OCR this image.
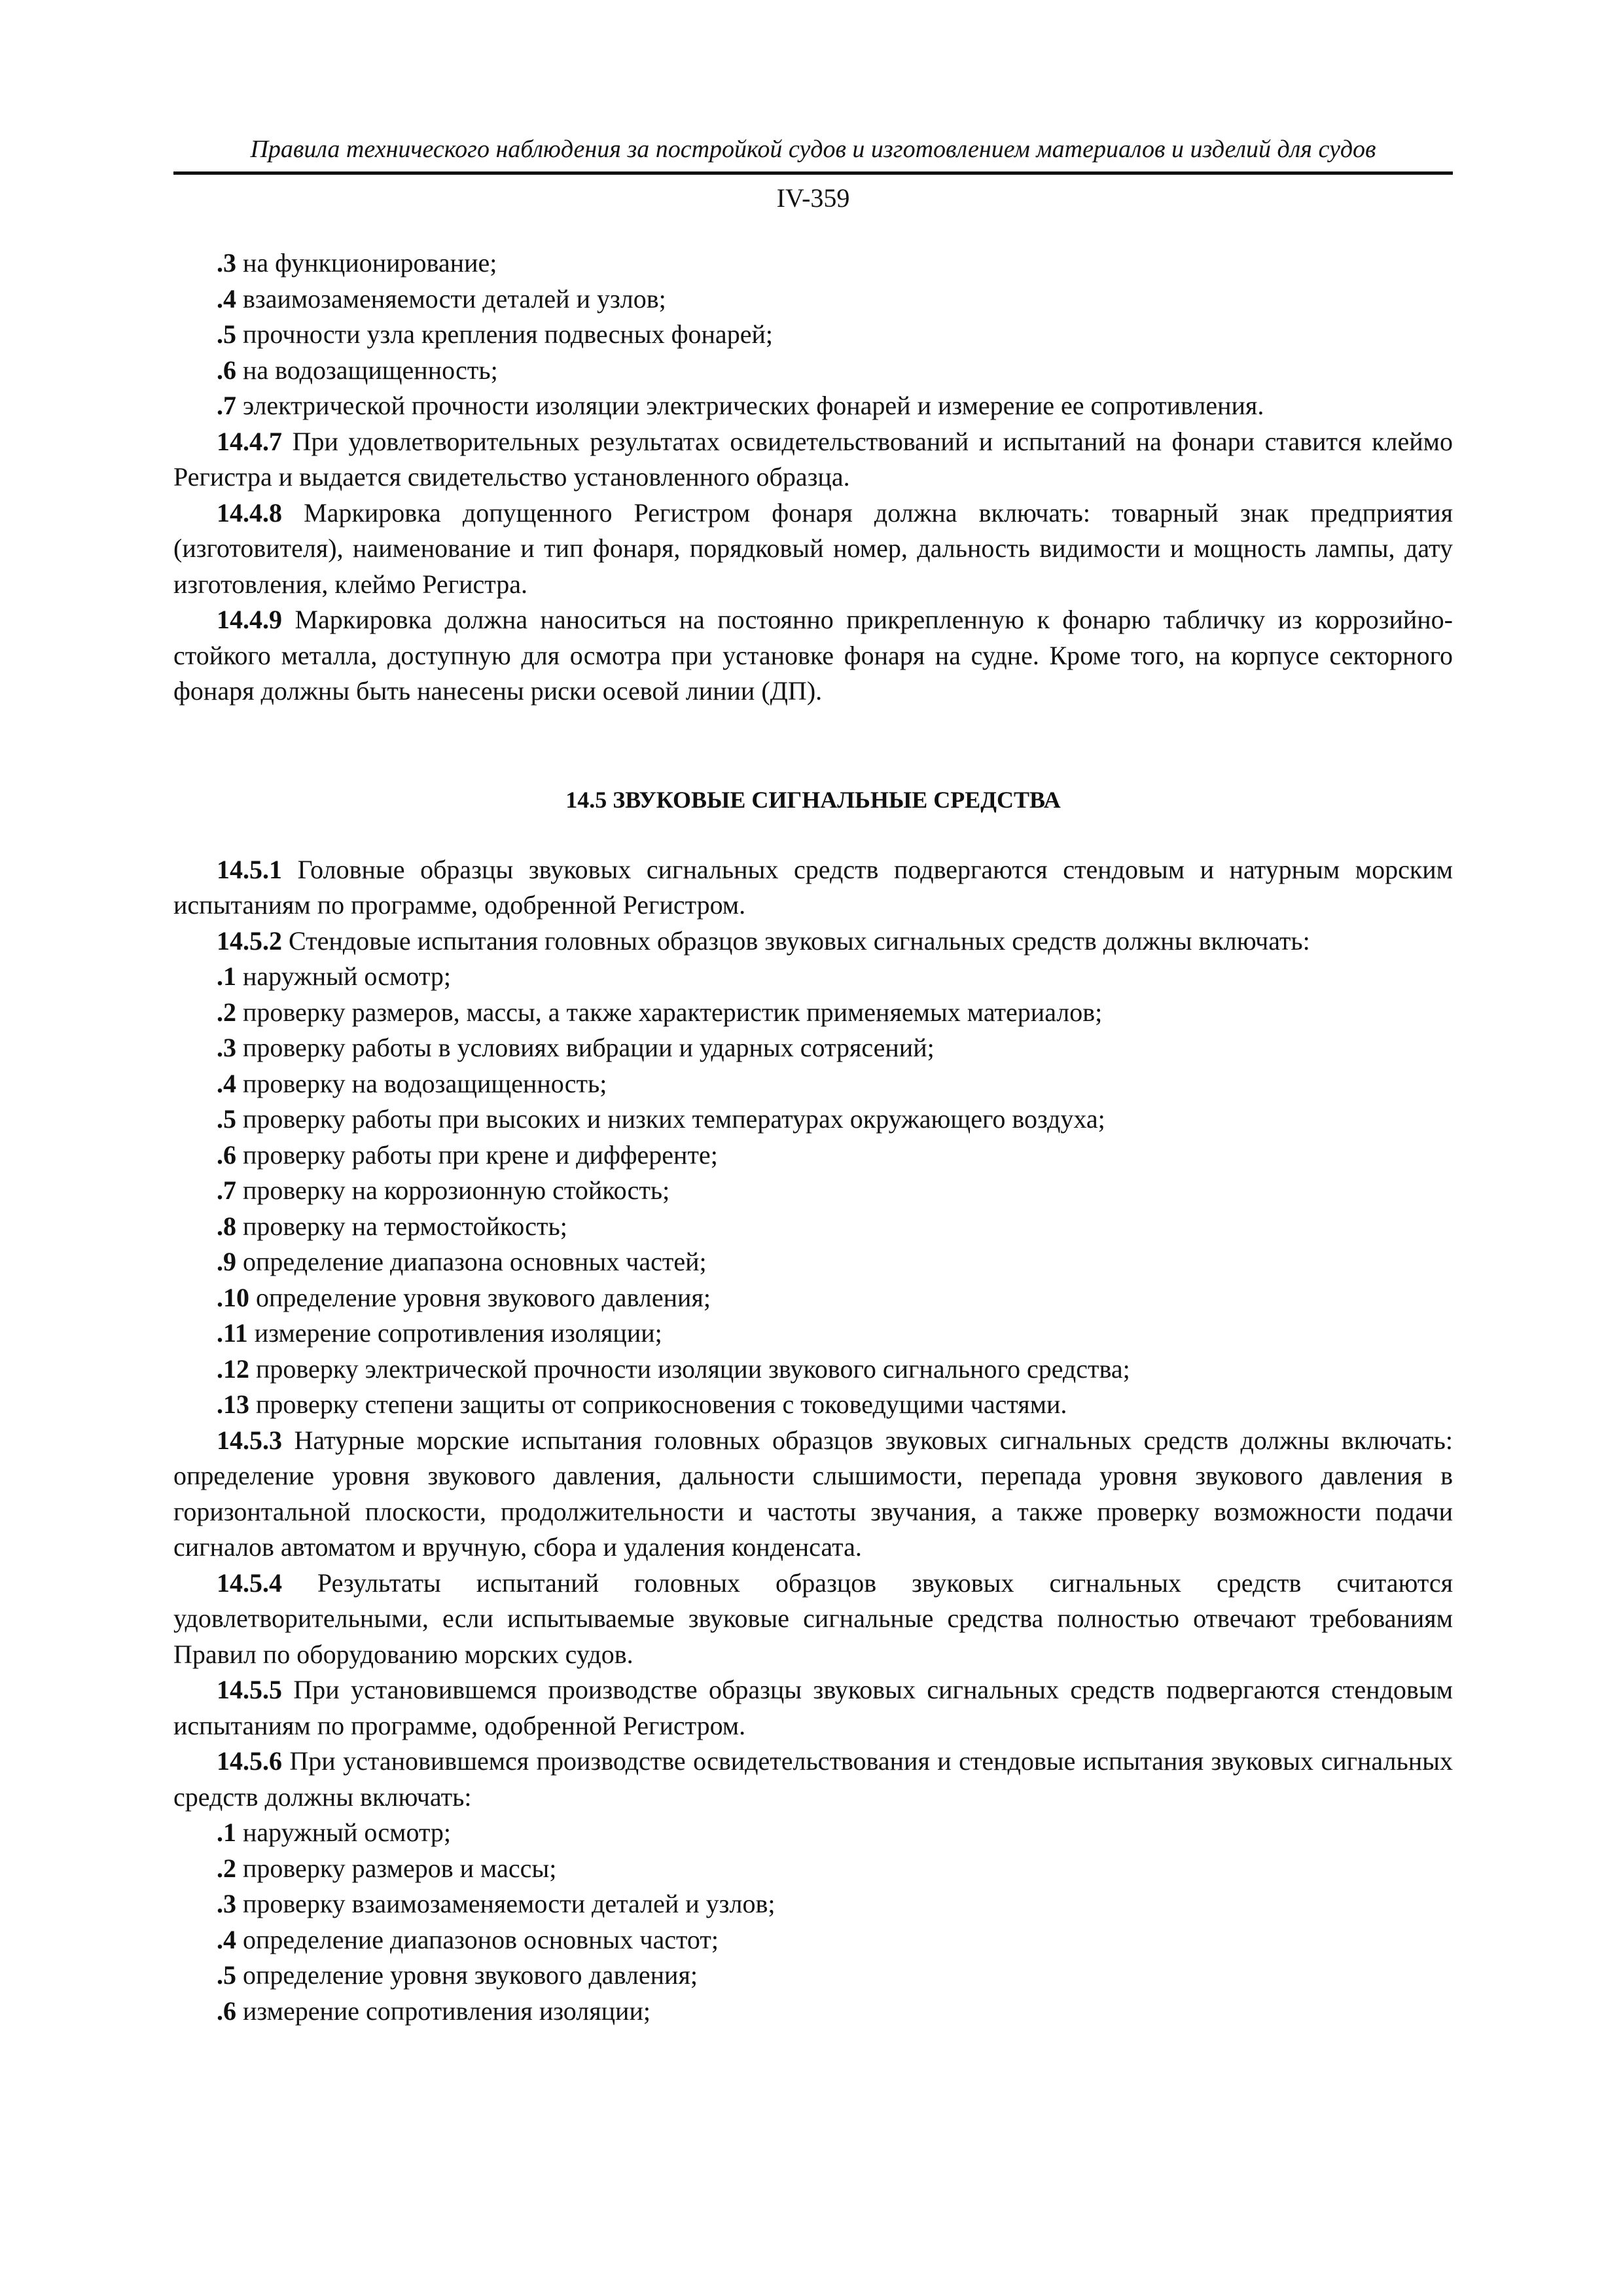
Правила технического наблюдения за постройкой судов и изготовлением материалов и изделий для судов
IV-359
.3 на функционирование;
.4 взаимозаменяемости деталей и узлов;
.5 прочности узла крепления подвесных фонарей;
.6 на водозащищенность;
.7 электрической прочности изоляции электрических фонарей и измерение ее сопротивления.
14.4.7 При удовлетворительных результатах освидетельствований и испытаний на фонари ставится клеймо Регистра и выдается свидетельство установленного образца.
14.4.8 Маркировка допущенного Регистром фонаря должна включать: товарный знак предприятия (изготовителя), наименование и тип фонаря, порядковый номер, дальность видимости и мощность лампы, дату изготовления, клеймо Регистра.
14.4.9 Маркировка должна наноситься на постоянно прикрепленную к фонарю табличку из коррозийно-стойкого металла, доступную для осмотра при установке фонаря на судне. Кроме того, на корпусе секторного фонаря должны быть нанесены риски осевой линии (ДП).
14.5 ЗВУКОВЫЕ СИГНАЛЬНЫЕ СРЕДСТВА
14.5.1 Головные образцы звуковых сигнальных средств подвергаются стендовым и натурным морским испытаниям по программе, одобренной Регистром.
14.5.2 Стендовые испытания головных образцов звуковых сигнальных средств должны включать:
.1 наружный осмотр;
.2 проверку размеров, массы, а также характеристик применяемых материалов;
.3 проверку работы в условиях вибрации и ударных сотрясений;
.4 проверку на водозащищенность;
.5 проверку работы при высоких и низких температурах окружающего воздуха;
.6 проверку работы при крене и дифференте;
.7 проверку на коррозионную стойкость;
.8 проверку на термостойкость;
.9 определение диапазона основных частей;
.10 определение уровня звукового давления;
.11 измерение сопротивления изоляции;
.12 проверку электрической прочности изоляции звукового сигнального средства;
.13 проверку степени защиты от соприкосновения с токоведущими частями.
14.5.3 Натурные морские испытания головных образцов звуковых сигнальных средств должны включать: определение уровня звукового давления, дальности слышимости, перепада уровня звукового давления в горизонтальной плоскости, продолжительности и частоты звучания, а также проверку возможности подачи сигналов автоматом и вручную, сбора и удаления конденсата.
14.5.4 Результаты испытаний головных образцов звуковых сигнальных средств считаются удовлетворительными, если испытываемые звуковые сигнальные средства полностью отвечают требованиям Правил по оборудованию морских судов.
14.5.5 При установившемся производстве образцы звуковых сигнальных средств подвергаются стендовым испытаниям по программе, одобренной Регистром.
14.5.6 При установившемся производстве освидетельствования и стендовые испытания звуковых сигнальных средств должны включать:
.1 наружный осмотр;
.2 проверку размеров и массы;
.3 проверку взаимозаменяемости деталей и узлов;
.4 определение диапазонов основных частот;
.5 определение уровня звукового давления;
.6 измерение сопротивления изоляции;
